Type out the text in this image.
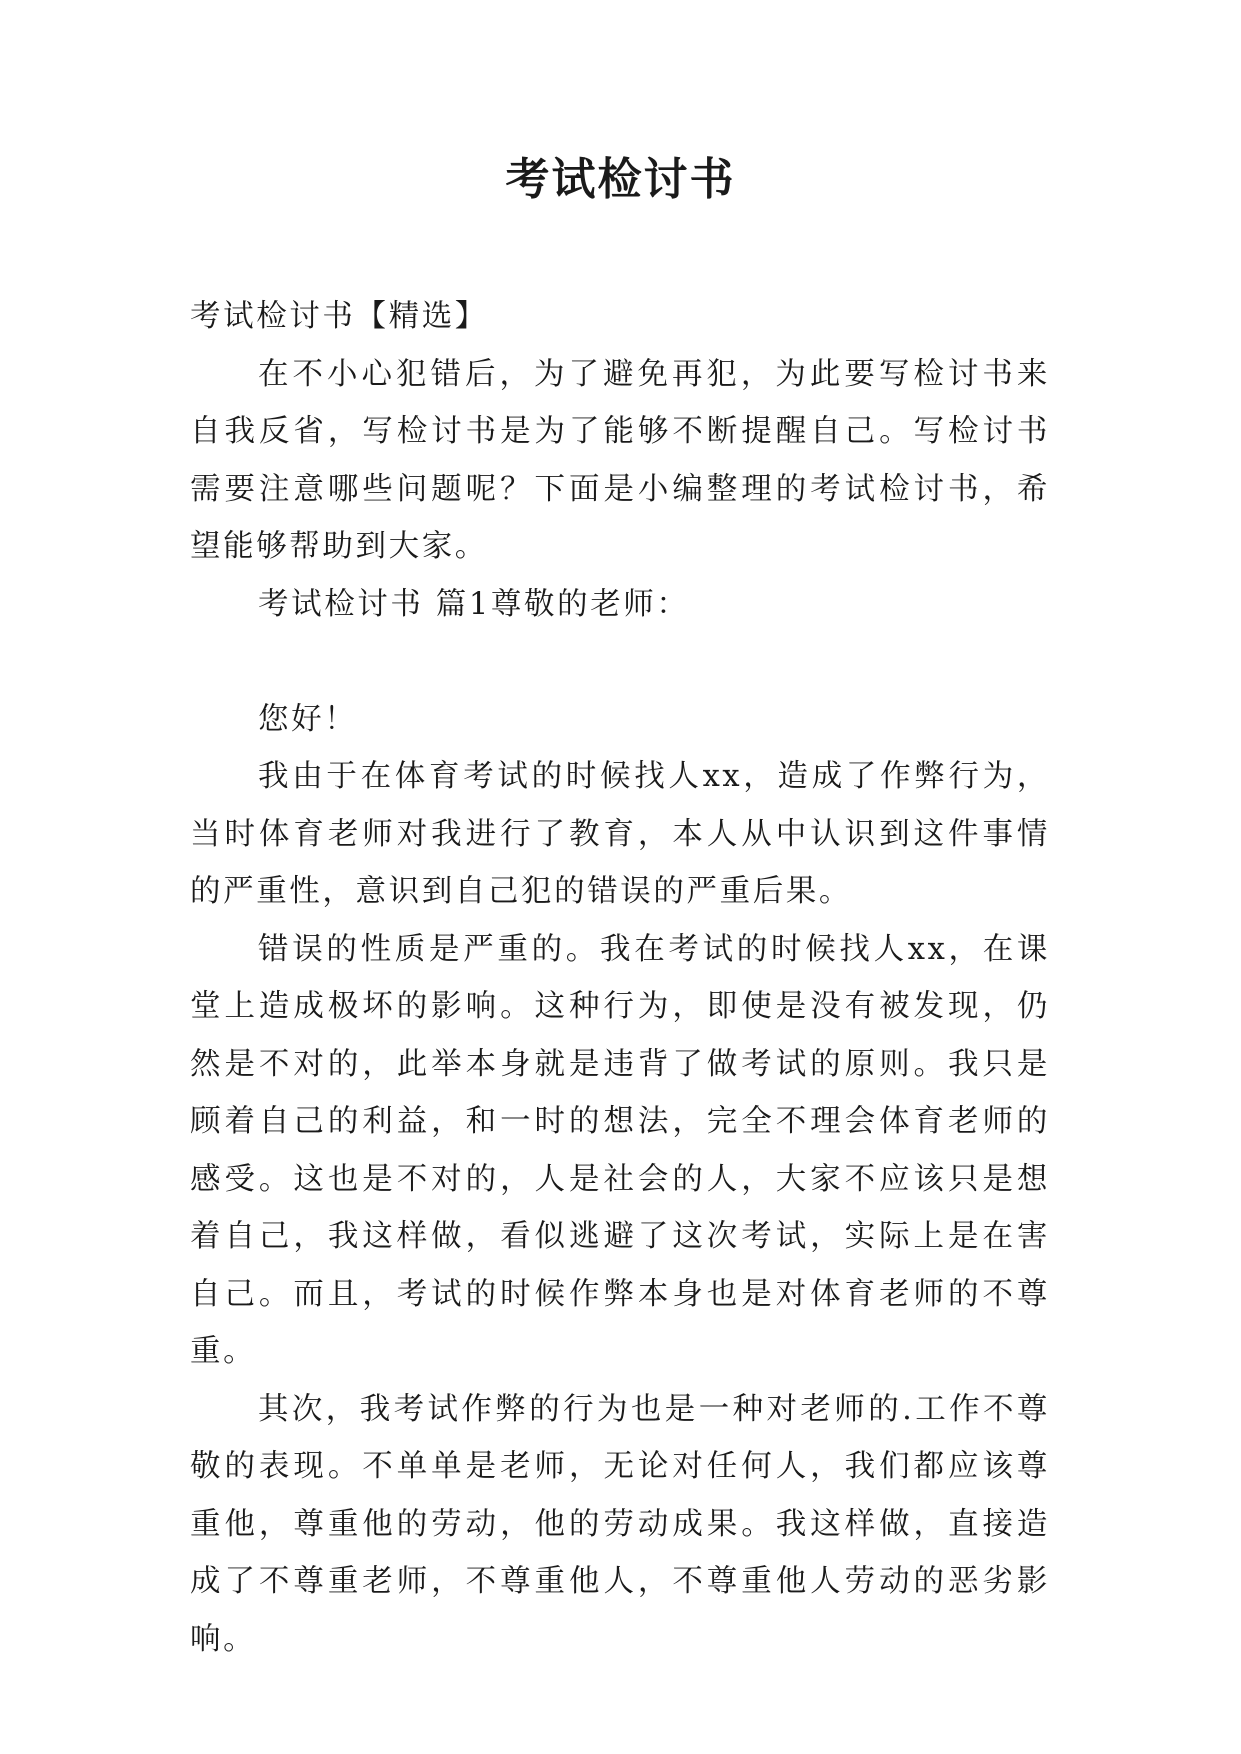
考试检讨书

考试检讨书【精选】

在不小心犯错后，为了避免再犯，为此要写检讨书来自我反省，写检讨书是为了能够不断提醒自己。写检讨书需要注意哪些问题呢？下面是小编整理的考试检讨书，希望能够帮助到大家。

考试检讨书 篇1尊敬的老师：

您好！

我由于在体育考试的时候找人xx，造成了作弊行为，当时体育老师对我进行了教育，本人从中认识到这件事情的严重性，意识到自己犯的错误的严重后果。

错误的性质是严重的。我在考试的时候找人xx，在课堂上造成极坏的影响。这种行为，即使是没有被发现，仍然是不对的，此举本身就是违背了做考试的原则。我只是顾着自己的利益，和一时的想法，完全不理会体育老师的感受。这也是不对的，人是社会的人，大家不应该只是想着自己，我这样做，看似逃避了这次考试，实际上是在害自己。而且，考试的时候作弊本身也是对体育老师的不尊重。

其次，我考试作弊的行为也是一种对老师的.工作不尊敬的表现。不单单是老师，无论对任何人，我们都应该尊重他，尊重他的劳动，他的劳动成果。我这样做，直接造成了不尊重老师，不尊重他人，不尊重他人劳动的恶劣影响。
